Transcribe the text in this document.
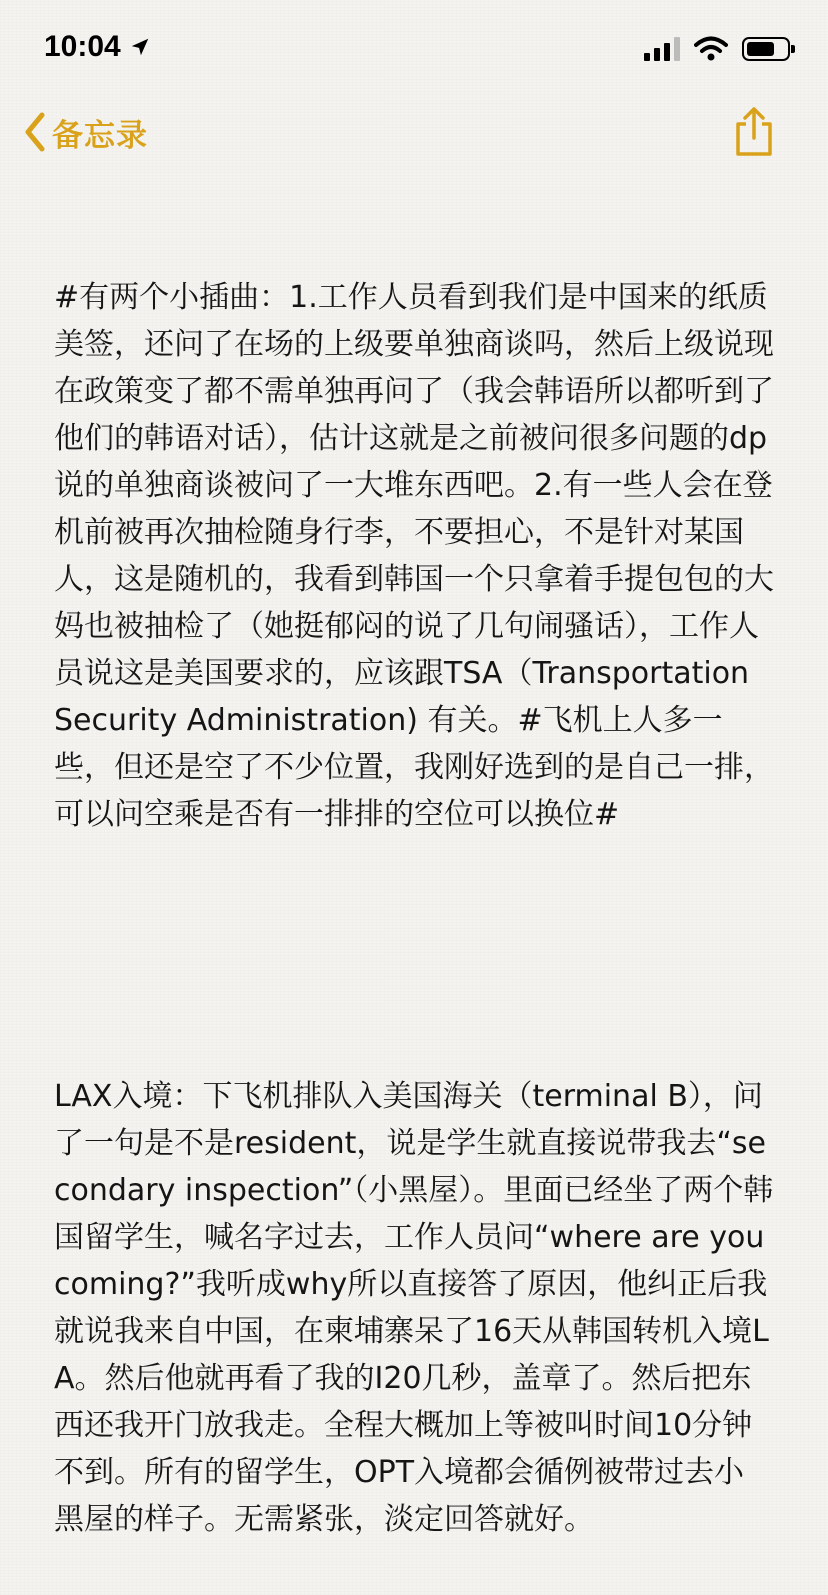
10:04
备忘录

#有两个小插曲：1.工作人员看到我们是中国来的纸质美签，还问了在场的上级要单独商谈吗，然后上级说现在政策变了都不需单独再问了（我会韩语所以都听到了他们的韩语对话），估计这就是之前被问很多问题的dp说的单独商谈被问了一大堆东西吧。2.有一些人会在登机前被再次抽检随身行李，不要担心，不是针对某国人，这是随机的，我看到韩国一个只拿着手提包包的大妈也被抽检了（她挺郁闷的说了几句闹骚话），工作人员说这是美国要求的，应该跟TSA（Transportation Security Administration) 有关。#飞机上人多一些，但还是空了不少位置，我刚好选到的是自己一排，可以问空乘是否有一排排的空位可以换位#

LAX入境：下飞机排队入美国海关（terminal B），问了一句是不是resident，说是学生就直接说带我去“secondary inspection”（小黑屋）。里面已经坐了两个韩国留学生，喊名字过去，工作人员问“where are you coming?”我听成why所以直接答了原因，他纠正后我就说我来自中国，在柬埔寨呆了16天从韩国转机入境LA。然后他就再看了我的I20几秒，盖章了。然后把东西还我开门放我走。全程大概加上等被叫时间10分钟不到。所有的留学生，OPT入境都会循例被带过去小黑屋的样子。无需紧张，淡定回答就好。
